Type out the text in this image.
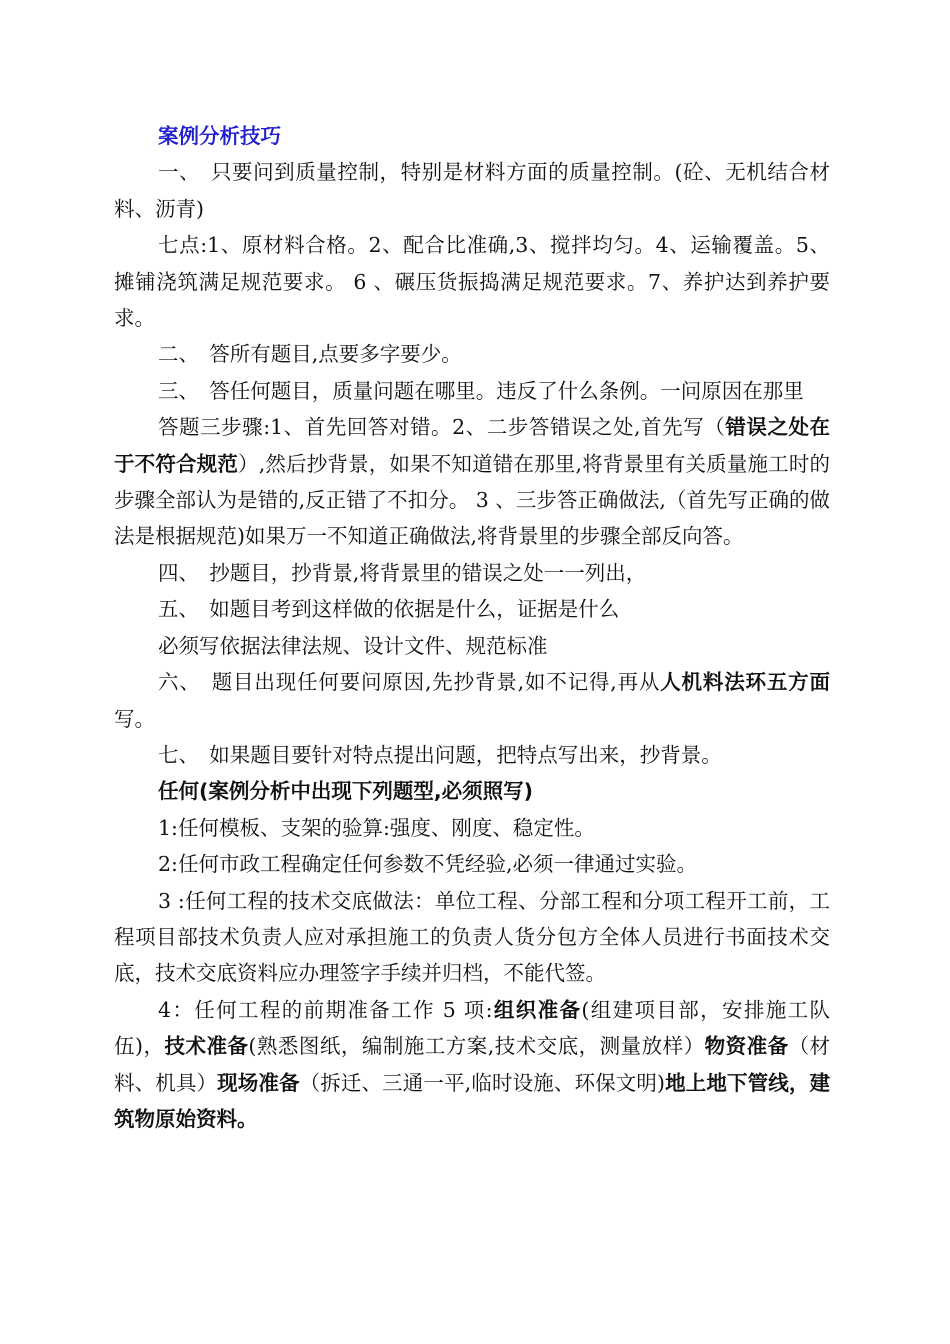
案例分析技巧

一、　只要问到质量控制，特别是材料方面的质量控制。(砼、无机结合材料、沥青)

七点:1、原材料合格。2、配合比准确,3、搅拌均匀。4、运输覆盖。5、摊铺浇筑满足规范要求。 6 、碾压货振捣满足规范要求。7、养护达到养护要求。

二、　答所有题目,点要多字要少。

三、　答任何题目，质量问题在哪里。违反了什么条例。一问原因在那里

答题三步骤:1、首先回答对错。2、二步答错误之处,首先写（错误之处在于不符合规范）,然后抄背景，如果不知道错在那里,将背景里有关质量施工时的步骤全部认为是错的,反正错了不扣分。 3 、三步答正确做法,（首先写正确的做法是根据规范)如果万一不知道正确做法,将背景里的步骤全部反向答。

四、　抄题目，抄背景,将背景里的错误之处一一列出，

五、　如题目考到这样做的依据是什么，证据是什么

必须写依据法律法规、设计文件、规范标准

六、　题目出现任何要问原因,先抄背景,如不记得,再从人机料法环五方面写。

七、　如果题目要针对特点提出问题，把特点写出来，抄背景。

任何(案例分析中出现下列题型,必须照写)

1:任何模板、支架的验算:强度、刚度、稳定性。

2:任何市政工程确定任何参数不凭经验,必须一律通过实验。

3 :任何工程的技术交底做法：单位工程、分部工程和分项工程开工前，工程项目部技术负责人应对承担施工的负责人货分包方全体人员进行书面技术交底，技术交底资料应办理签字手续并归档，不能代签。

4：任何工程的前期准备工作 5 项:组织准备(组建项目部，安排施工队伍)，技术准备(熟悉图纸，编制施工方案,技术交底，测量放样）物资准备（材料、机具）现场准备（拆迁、三通一平,临时设施、环保文明)地上地下管线，建筑物原始资料。
